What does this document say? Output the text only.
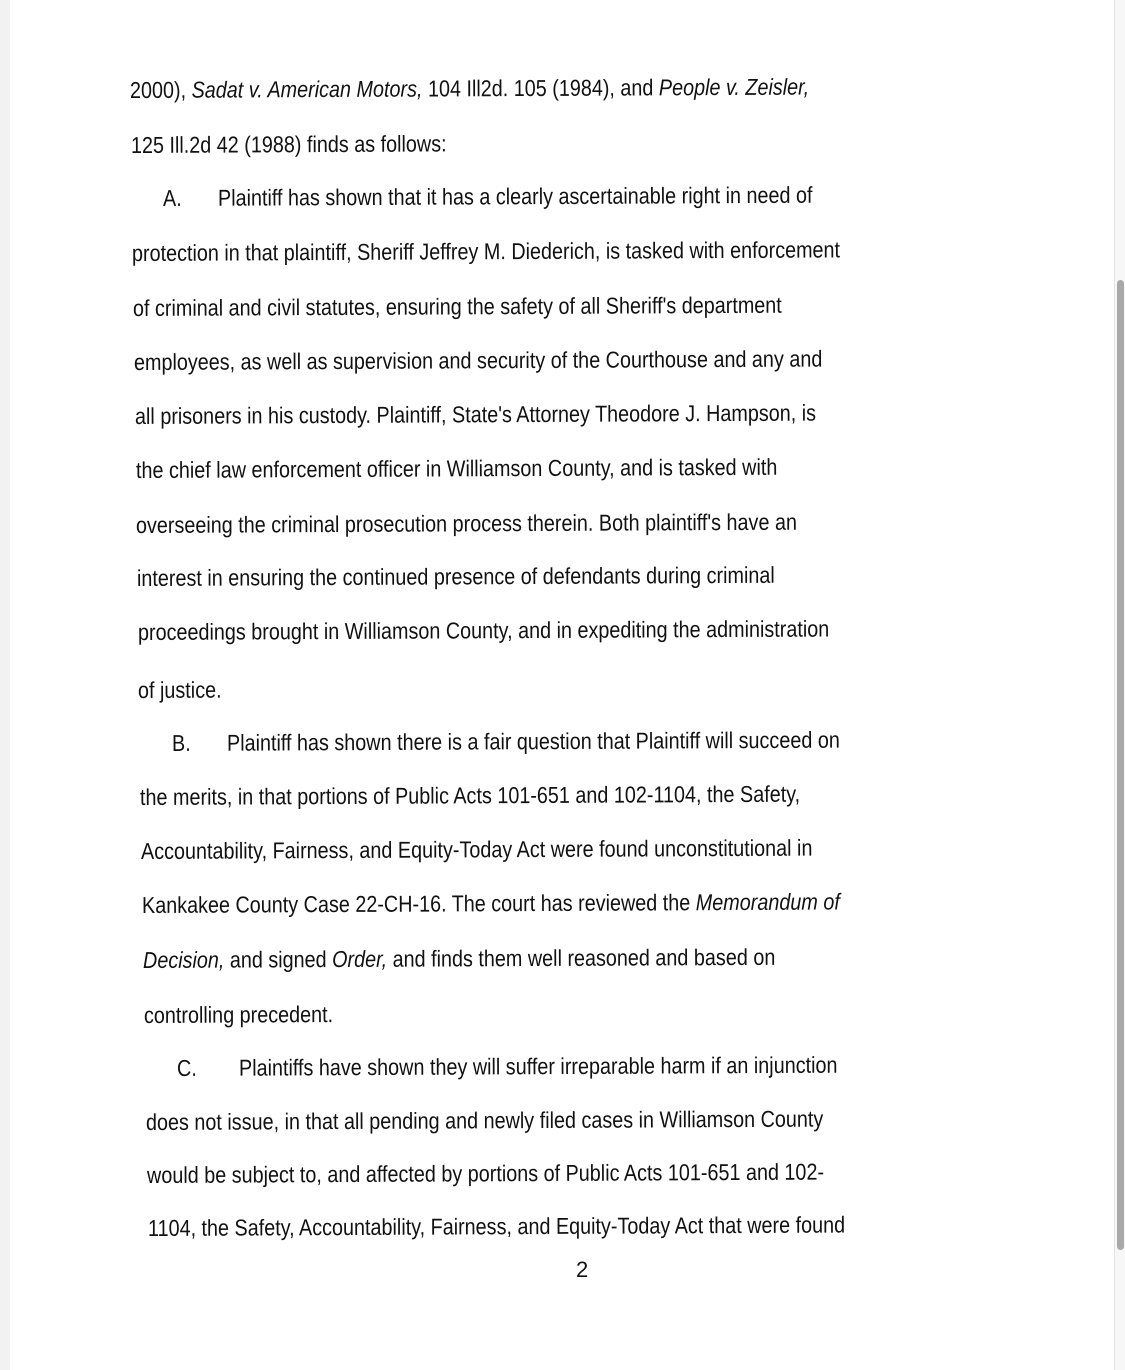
2
2000), Sadat v. American Motors, 104 Ill2d. 105 (1984), and People v. Zeisler,
125 Ill.2d 42 (1988) finds as follows:
A. Plaintiff has shown that it has a clearly ascertainable right in need of
protection in that plaintiff, Sheriff Jeffrey M. Diederich, is tasked with enforcement
of criminal and civil statutes, ensuring the safety of all Sheriff's department
employees, as well as supervision and security of the Courthouse and any and
all prisoners in his custody. Plaintiff, State's Attorney Theodore J. Hampson, is
the chief law enforcement officer in Williamson County, and is tasked with
overseeing the criminal prosecution process therein. Both plaintiff's have an
interest in ensuring the continued presence of defendants during criminal
proceedings brought in Williamson County, and in expediting the administration
of justice.
B. Plaintiff has shown there is a fair question that Plaintiff will succeed on
the merits, in that portions of Public Acts 101-651 and 102-1104, the Safety,
Accountability, Fairness, and Equity-Today Act were found unconstitutional in
Kankakee County Case 22-CH-16. The court has reviewed the Memorandum of
Decision, and signed Order, and finds them well reasoned and based on
controlling precedent.
C. Plaintiffs have shown they will suffer irreparable harm if an injunction
does not issue, in that all pending and newly filed cases in Williamson County
would be subject to, and affected by portions of Public Acts 101-651 and 102-
1104, the Safety, Accountability, Fairness, and Equity-Today Act that were found
